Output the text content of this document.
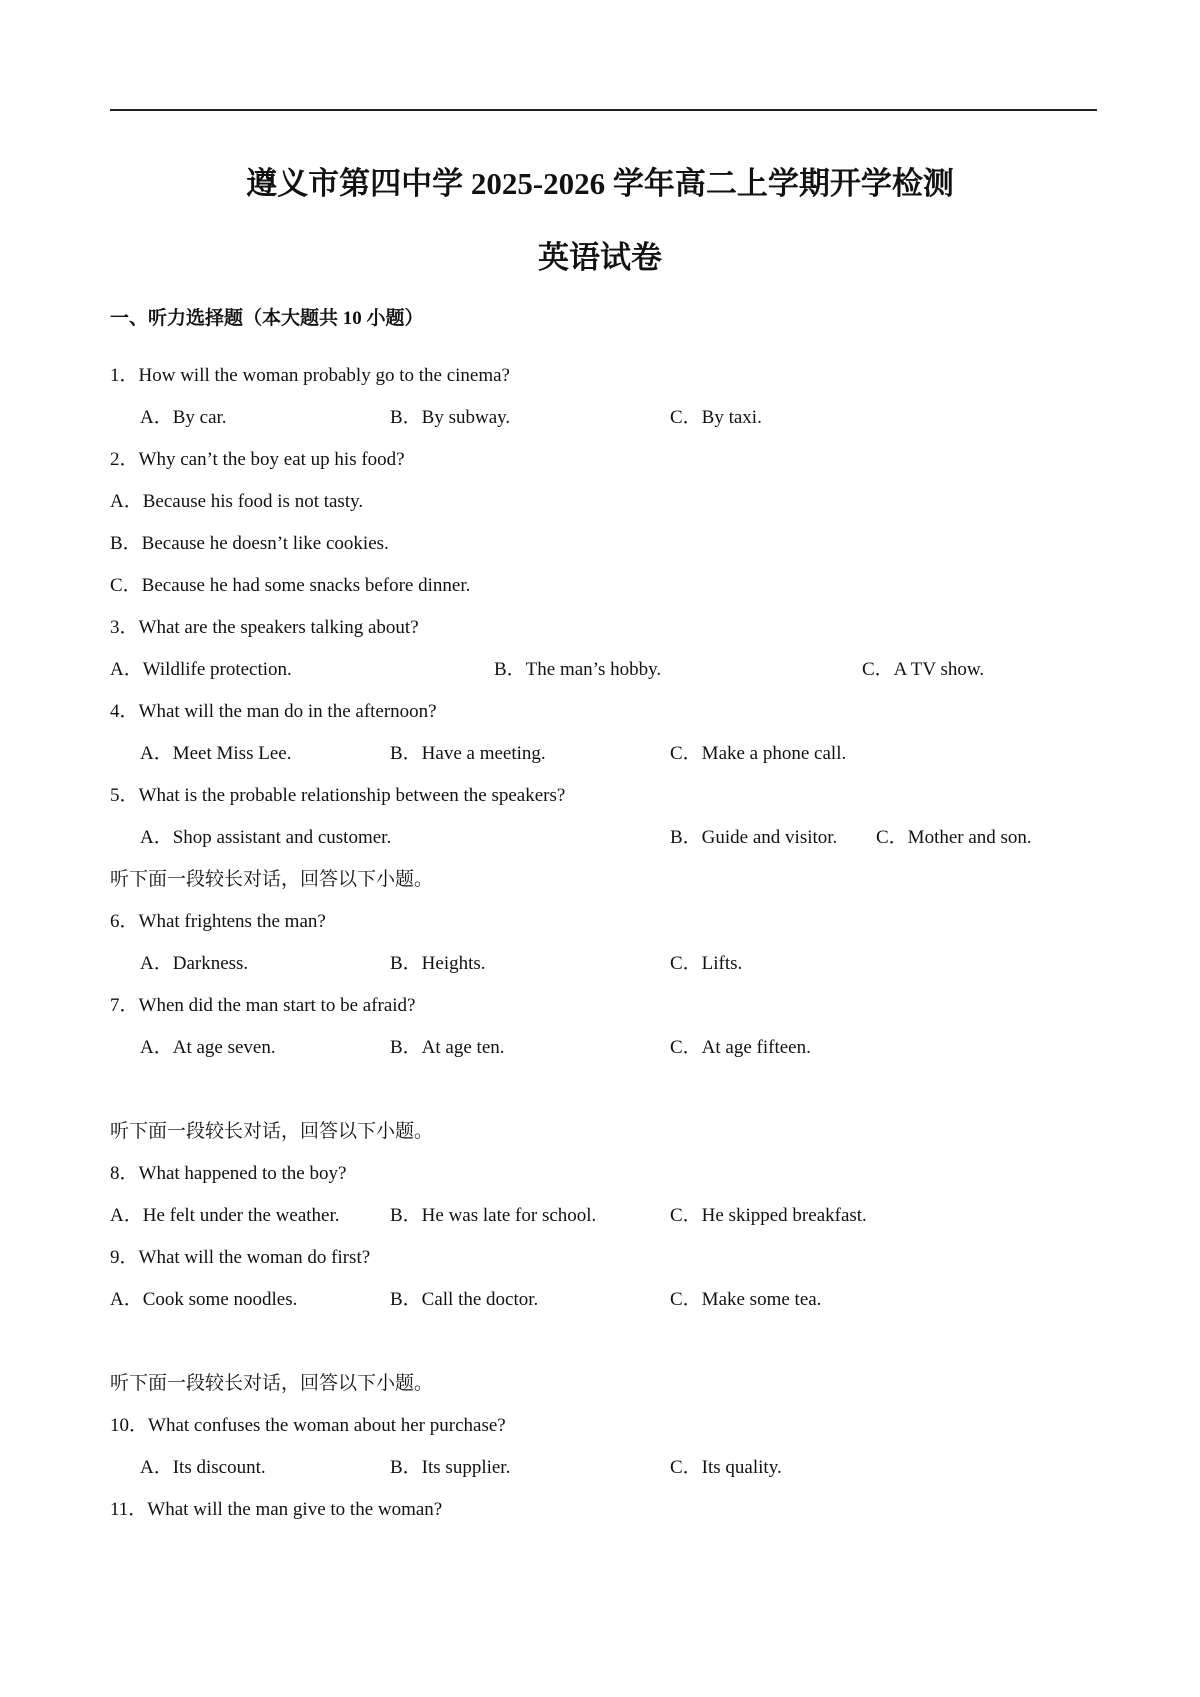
遵义市第四中学 2025-2026 学年高二上学期开学检测
英语试卷
一、听力选择题（本大题共 10 小题）
1．How will the woman probably go to the cinema?
A．By car.	B．By subway.	C．By taxi.
2．Why can’t the boy eat up his food?
A．Because his food is not tasty.
B．Because he doesn’t like cookies.
C．Because he had some snacks before dinner.
3．What are the speakers talking about?
A．Wildlife protection.	B．The man’s hobby.	C．A TV show.
4．What will the man do in the afternoon?
A．Meet Miss Lee.	B．Have a meeting.	C．Make a phone call.
5．What is the probable relationship between the speakers?
A．Shop assistant and customer.	B．Guide and visitor. C．Mother and son.
听下面一段较长对话，回答以下小题。
6．What frightens the man?
A．Darkness.	B．Heights.	C．Lifts.
7．When did the man start to be afraid?
A．At age seven.	B．At age ten.	C．At age fifteen.
听下面一段较长对话，回答以下小题。
8．What happened to the boy?
A．He felt under the weather.	B．He was late for school.	C．He skipped breakfast.
9．What will the woman do first?
A．Cook some noodles.	B．Call the doctor.	C．Make some tea.
听下面一段较长对话，回答以下小题。
10．What confuses the woman about her purchase?
A．Its discount.	B．Its supplier.	C．Its quality.
11．What will the man give to the woman?
